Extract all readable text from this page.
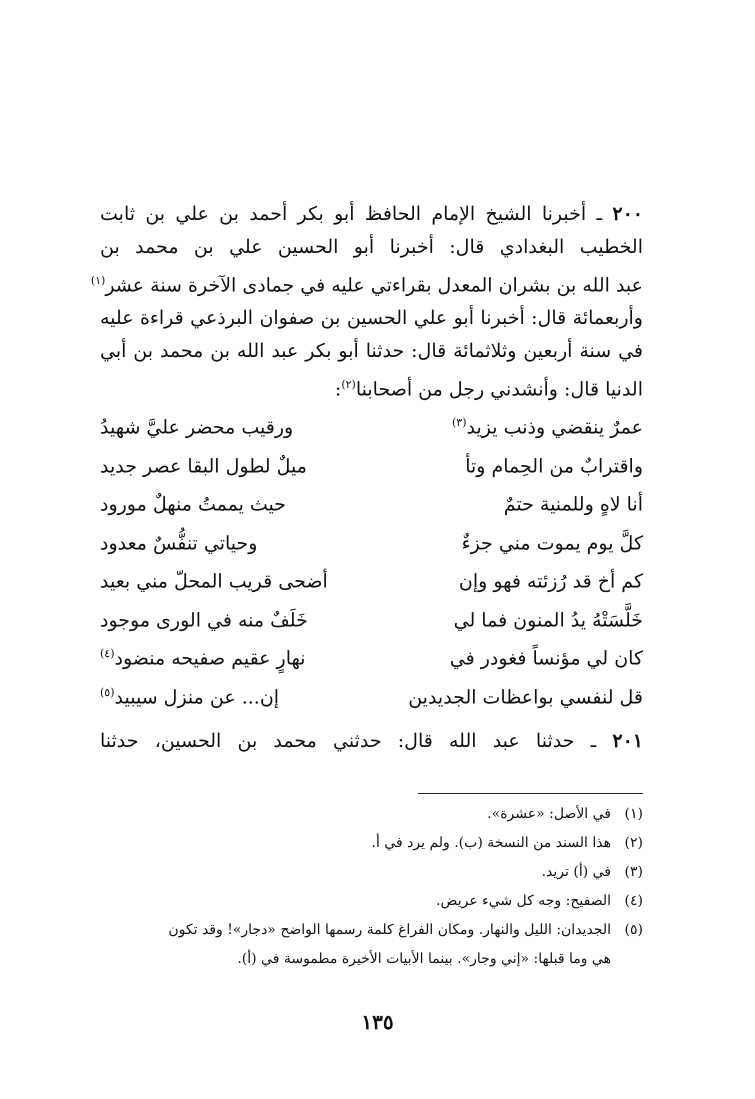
٢٠٠ ـ أخبرنا الشيخ الإمام الحافظ أبو بكر أحمد بن علي بن ثابت
الخطيب البغدادي قال: أخبرنا أبو الحسين علي بن محمد بن
عبد الله بن بشران المعدل بقراءتي عليه في جمادى الآخرة سنة عشر$^{(١)}$
وأربعمائة قال: أخبرنا أبو علي الحسين بن صفوان البرذعي قراءة عليه
في سنة أربعين وثلاثمائة قال: حدثنا أبو بكر عبد الله بن محمد بن أبي
الدنيا قال: وأنشدني رجل من أصحابنا$^{(٢)}$:
عمرٌ ينقضي وذنب يزيد$^{(٣)}$
ورقيب محضر عليَّ شهيدُ
واقترابٌ من الحِمام وتأ
ميلٌ لطول البقا عصر جديد
أنا لاهٍ وللمنية حتمٌ
حيث يممتُ منهلٌ مورود
كلَّ يوم يموت مني جزءٌ
وحياتي تنفُّسٌ معدود
كم أخ قد رُزئته فهو وإن
أضحى قريب المحلّ مني بعيد
خَلَّسَتْهُ يدُ المنون فما لي
خَلَفٌ منه في الورى موجود
كان لي مؤنساً فغودر في
نهارٍ عقيم صفيحه منضود$^{(٤)}$
قل لنفسي بواعظات الجديدين
إن... عن منزل سيبيد$^{(٥)}$
٢٠١ ـ حدثنا عبد الله قال: حدثني محمد بن الحسين، حدثنا
(١)
في الأصل: «عشرة».
(٢)
هذا السند من النسخة (ب). ولم يرد في أ.
(٣)
في (أ) تريد.
(٤)
الصفيح: وجه كل شيء عريض.
(٥)
الجديدان: الليل والنهار. ومكان الفراغ كلمة رسمها الواضح «دجار»! وقد تكون
هي وما قبلها: «إني وجار». بينما الأبيات الأخيرة مطموسة في (أ).
١٣٥
